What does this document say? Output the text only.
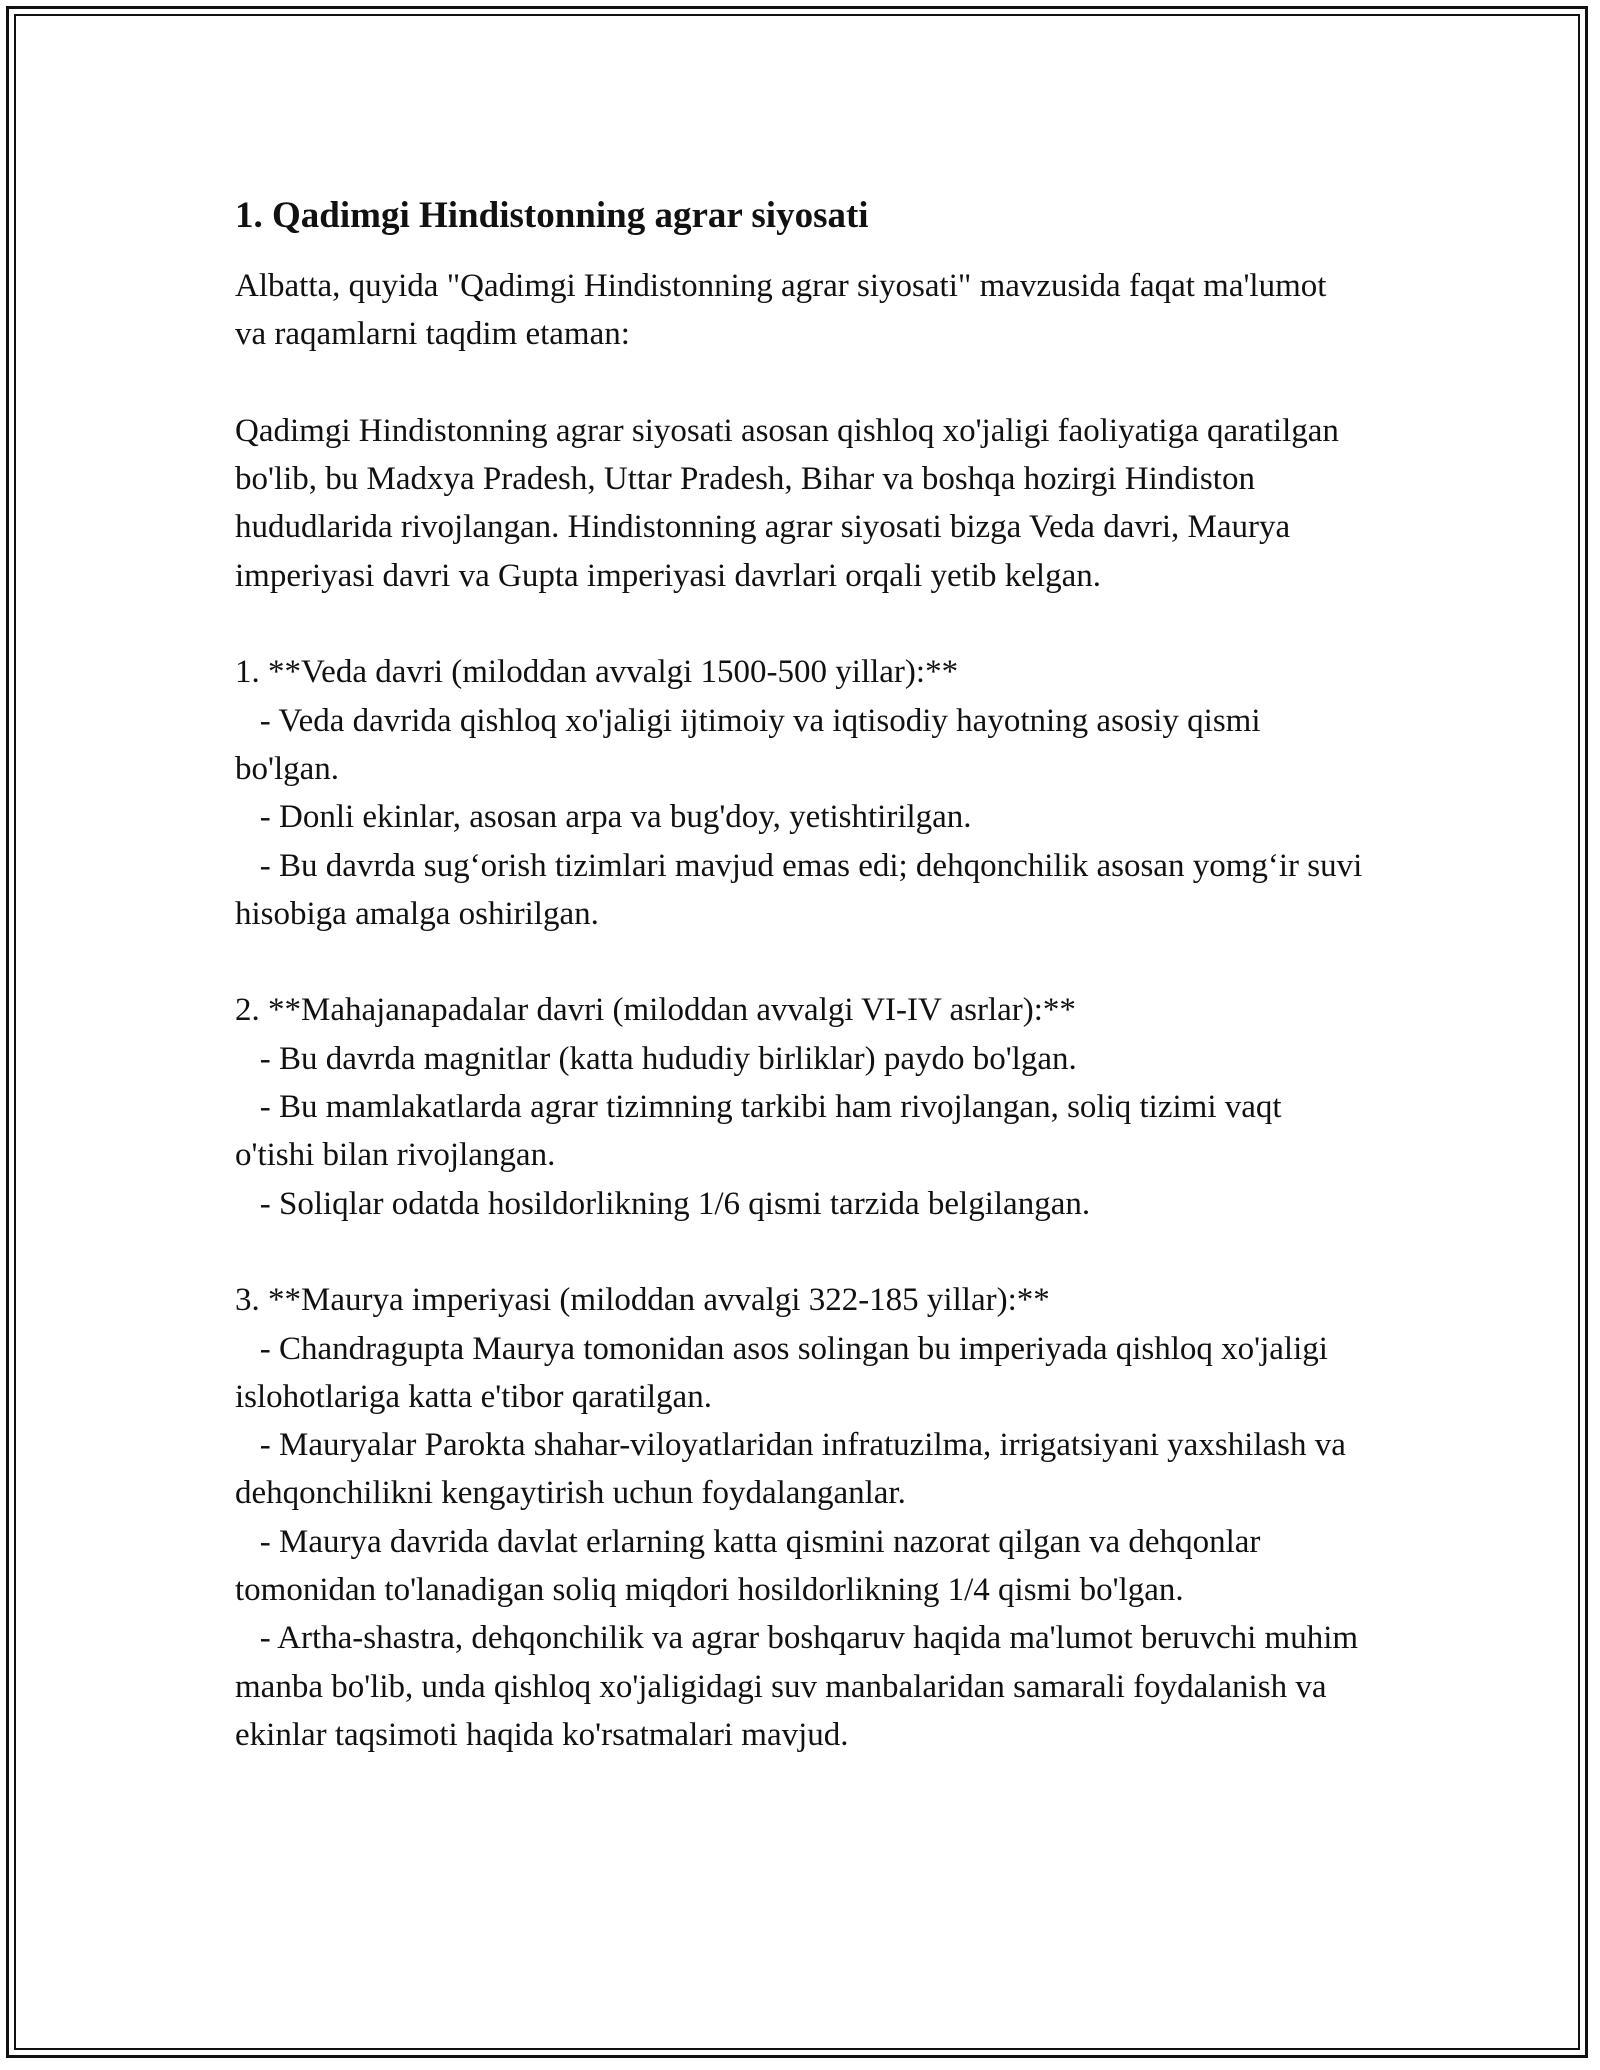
1. Qadimgi Hindistonning agrar siyosati

Albatta, quyida "Qadimgi Hindistonning agrar siyosati" mavzusida faqat ma'lumot va raqamlarni taqdim etaman:

Qadimgi Hindistonning agrar siyosati asosan qishloq xo'jaligi faoliyatiga qaratilgan bo'lib, bu Madxya Pradesh, Uttar Pradesh, Bihar va boshqa hozirgi Hindiston hududlarida rivojlangan. Hindistonning agrar siyosati bizga Veda davri, Maurya imperiyasi davri va Gupta imperiyasi davrlari orqali yetib kelgan.

1. **Veda davri (miloddan avvalgi 1500-500 yillar):**

- Veda davrida qishloq xo'jaligi ijtimoiy va iqtisodiy hayotning asosiy qismi bo'lgan.

- Donli ekinlar, asosan arpa va bug'doy, yetishtirilgan.

- Bu davrda sug‘orish tizimlari mavjud emas edi; dehqonchilik asosan yomg‘ir suvi hisobiga amalga oshirilgan.

2. **Mahajanapadalar davri (miloddan avvalgi VI-IV asrlar):**

- Bu davrda magnitlar (katta hududiy birliklar) paydo bo'lgan.

- Bu mamlakatlarda agrar tizimning tarkibi ham rivojlangan, soliq tizimi vaqt o'tishi bilan rivojlangan.

- Soliqlar odatda hosildorlikning 1/6 qismi tarzida belgilangan.

3. **Maurya imperiyasi (miloddan avvalgi 322-185 yillar):**

- Chandragupta Maurya tomonidan asos solingan bu imperiyada qishloq xo'jaligi islohotlariga katta e'tibor qaratilgan.

- Mauryalar Parokta shahar-viloyatlaridan infratuzilma, irrigatsiyani yaxshilash va dehqonchilikni kengaytirish uchun foydalanganlar.

- Maurya davrida davlat erlarning katta qismini nazorat qilgan va dehqonlar tomonidan to'lanadigan soliq miqdori hosildorlikning 1/4 qismi bo'lgan.

- Artha-shastra, dehqonchilik va agrar boshqaruv haqida ma'lumot beruvchi muhim manba bo'lib, unda qishloq xo'jaligidagi suv manbalaridan samarali foydalanish va ekinlar taqsimoti haqida ko'rsatmalari mavjud.
